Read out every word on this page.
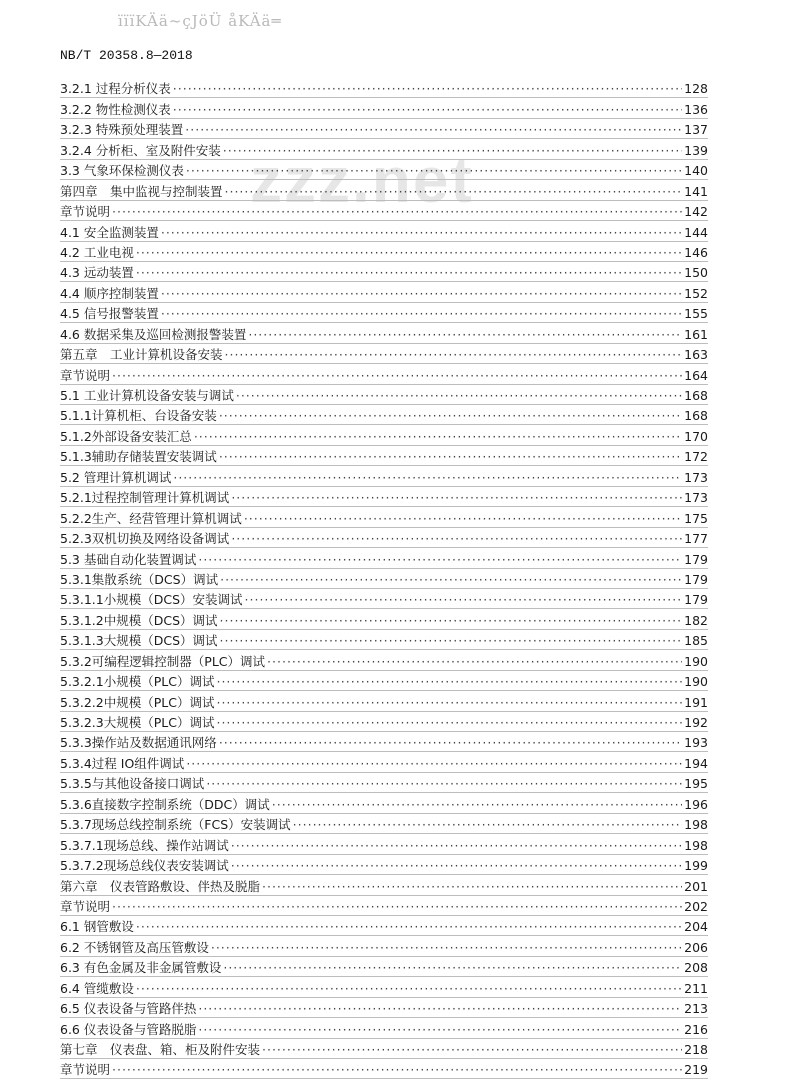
ïïïKÄä~çJöÜ åKÄä═
zzz.net
NB/T 20358.8—2018
3.2.1 过程分析仪表 ·····	128
3.2.2 物性检测仪表 ·····	136
3.2.3 特殊预处理装置 ·····	137
3.2.4 分析柜、室及附件安装 ·····	139
3.3 气象环保检测仪表 ·····	140
第四章　集中监视与控制装置 ·····	141
章节说明 ·····	142
4.1 安全监测装置 ·····	144
4.2 工业电视 ·····	146
4.3 远动装置 ·····	150
4.4 顺序控制装置 ·····	152
4.5 信号报警装置 ·····	155
4.6 数据采集及巡回检测报警装置 ·····	161
第五章　工业计算机设备安装 ·····	163
章节说明 ·····	164
5.1 工业计算机设备安装与调试 ·····	168
5.1.1计算机柜、台设备安装 ·····	168
5.1.2外部设备安装汇总 ·····	170
5.1.3辅助存储装置安装调试 ·····	172
5.2 管理计算机调试 ·····	173
5.2.1过程控制管理计算机调试 ·····	173
5.2.2生产、经营管理计算机调试 ·····	175
5.2.3双机切换及网络设备调试 ·····	177
5.3 基础自动化装置调试 ·····	179
5.3.1集散系统（DCS）调试 ·····	179
5.3.1.1小规模（DCS）安装调试 ·····	179
5.3.1.2中规模（DCS）调试 ·····	182
5.3.1.3大规模（DCS）调试 ·····	185
5.3.2可编程逻辑控制器（PLC）调试 ·····	190
5.3.2.1小规模（PLC）调试 ·····	190
5.3.2.2中规模（PLC）调试 ·····	191
5.3.2.3大规模（PLC）调试 ·····	192
5.3.3操作站及数据通讯网络 ·····	193
5.3.4过程 IO组件调试 ·····	194
5.3.5与其他设备接口调试 ·····	195
5.3.6直接数字控制系统（DDC）调试 ·····	196
5.3.7现场总线控制系统（FCS）安装调试 ·····	198
5.3.7.1现场总线、操作站调试 ·····	198
5.3.7.2现场总线仪表安装调试 ·····	199
第六章　仪表管路敷设、伴热及脱脂 ·····	201
章节说明 ·····	202
6.1 钢管敷设 ·····	204
6.2 不锈钢管及高压管敷设 ·····	206
6.3 有色金属及非金属管敷设 ·····	208
6.4 管缆敷设 ·····	211
6.5 仪表设备与管路伴热 ·····	213
6.6 仪表设备与管路脱脂 ·····	216
第七章　仪表盘、箱、柜及附件安装 ·····	218
章节说明 ·····	219
